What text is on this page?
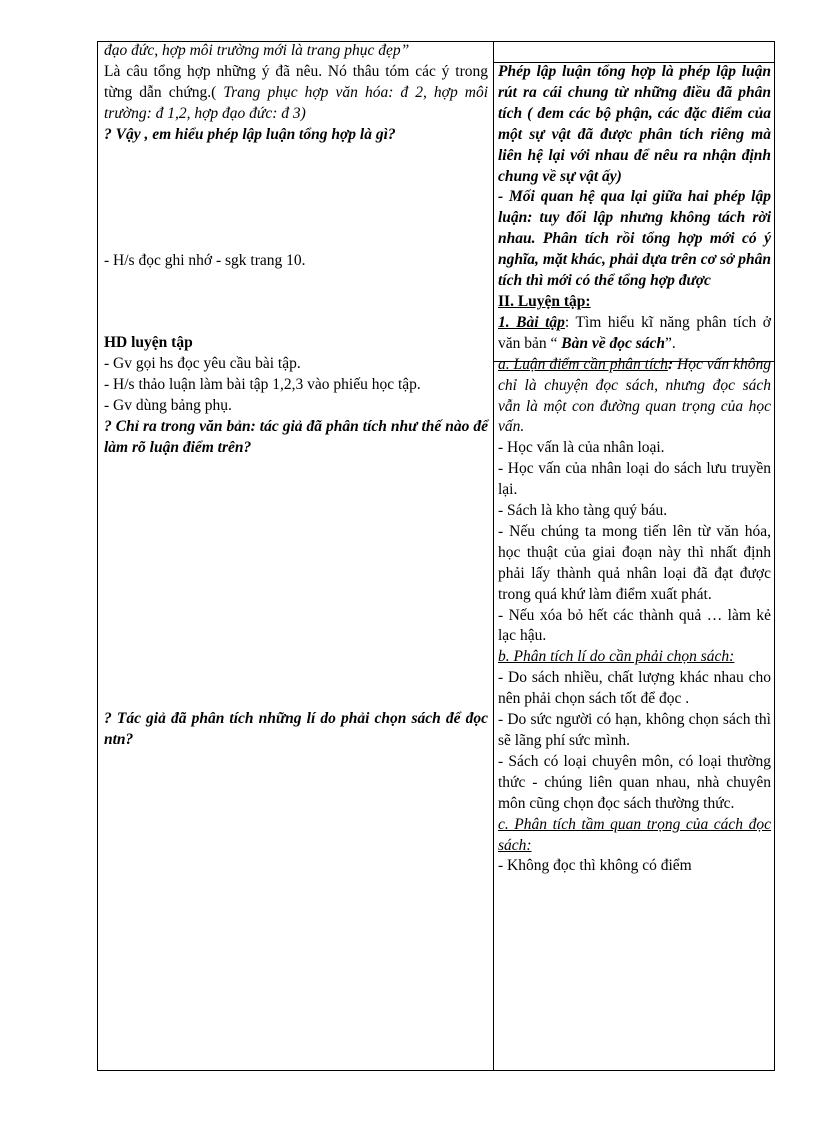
đạo đức, hợp môi trường mới là trang phục đẹp”

Là câu tổng hợp những ý đã nêu. Nó thâu tóm các ý trong từng dẫn chứng.( Trang phục hợp văn hóa: đ 2, hợp môi trường: đ 1,2, hợp đạo đức: đ 3)

? Vậy , em hiểu phép lập luận tổng hợp là gì?

- H/s đọc ghi nhớ - sgk trang 10.

HD luyện tập

- Gv gọi hs đọc yêu cầu bài tập.

- H/s thảo luận làm bài tập 1,2,3 vào phiếu học tập.

- Gv dùng bảng phụ.

? Chỉ ra trong văn bản: tác giả đã phân tích như thế nào để làm rõ luận điểm trên?

? Tác giả đã phân tích những lí do phải chọn sách để đọc ntn?

Phép lập luận tổng hợp là phép lập luận rút ra cái chung từ những điều đã phân tích ( đem các bộ phận, các đặc điểm của một sự vật đã được phân tích riêng mà liên hệ lại với nhau để nêu ra nhận định chung về sự vật ấy)

- Mối quan hệ qua lại giữa hai phép lập luận: tuy đối lập nhưng không tách rời nhau. Phân tích rồi tổng hợp mới có ý nghĩa, mặt khác, phải dựa trên cơ sở phân tích thì mới có thể tổng hợp được

II. Luyện tập:

1. Bài tập: Tìm hiểu kĩ năng phân tích ở văn bản “ Bàn về đọc sách”.

a. Luận điểm cần phân tích: Học vấn không chỉ là chuyện đọc sách, nhưng đọc sách vẫn là một con đường quan trọng của học vấn.

- Học vấn là của nhân loại.

- Học vấn của nhân loại do sách lưu truyền lại.

- Sách là kho tàng quý báu.

- Nếu chúng ta mong tiến lên từ văn hóa, học thuật của giai đoạn này thì nhất định phải lấy thành quả nhân loại đã đạt được trong quá khứ làm điểm xuất phát.

- Nếu xóa bỏ hết các thành quả … làm kẻ lạc hậu.

b. Phân tích lí do cần phải chọn sách:

- Do sách nhiều, chất lượng khác nhau cho nên phải chọn sách tốt để đọc .

- Do sức người có hạn, không chọn sách thì sẽ lãng phí sức mình.

- Sách có loại chuyên môn, có loại thường thức - chúng liên quan nhau, nhà chuyên môn cũng chọn đọc sách thường thức.

c. Phân tích tầm quan trọng của cách đọc sách:

- Không đọc thì không có điểm
